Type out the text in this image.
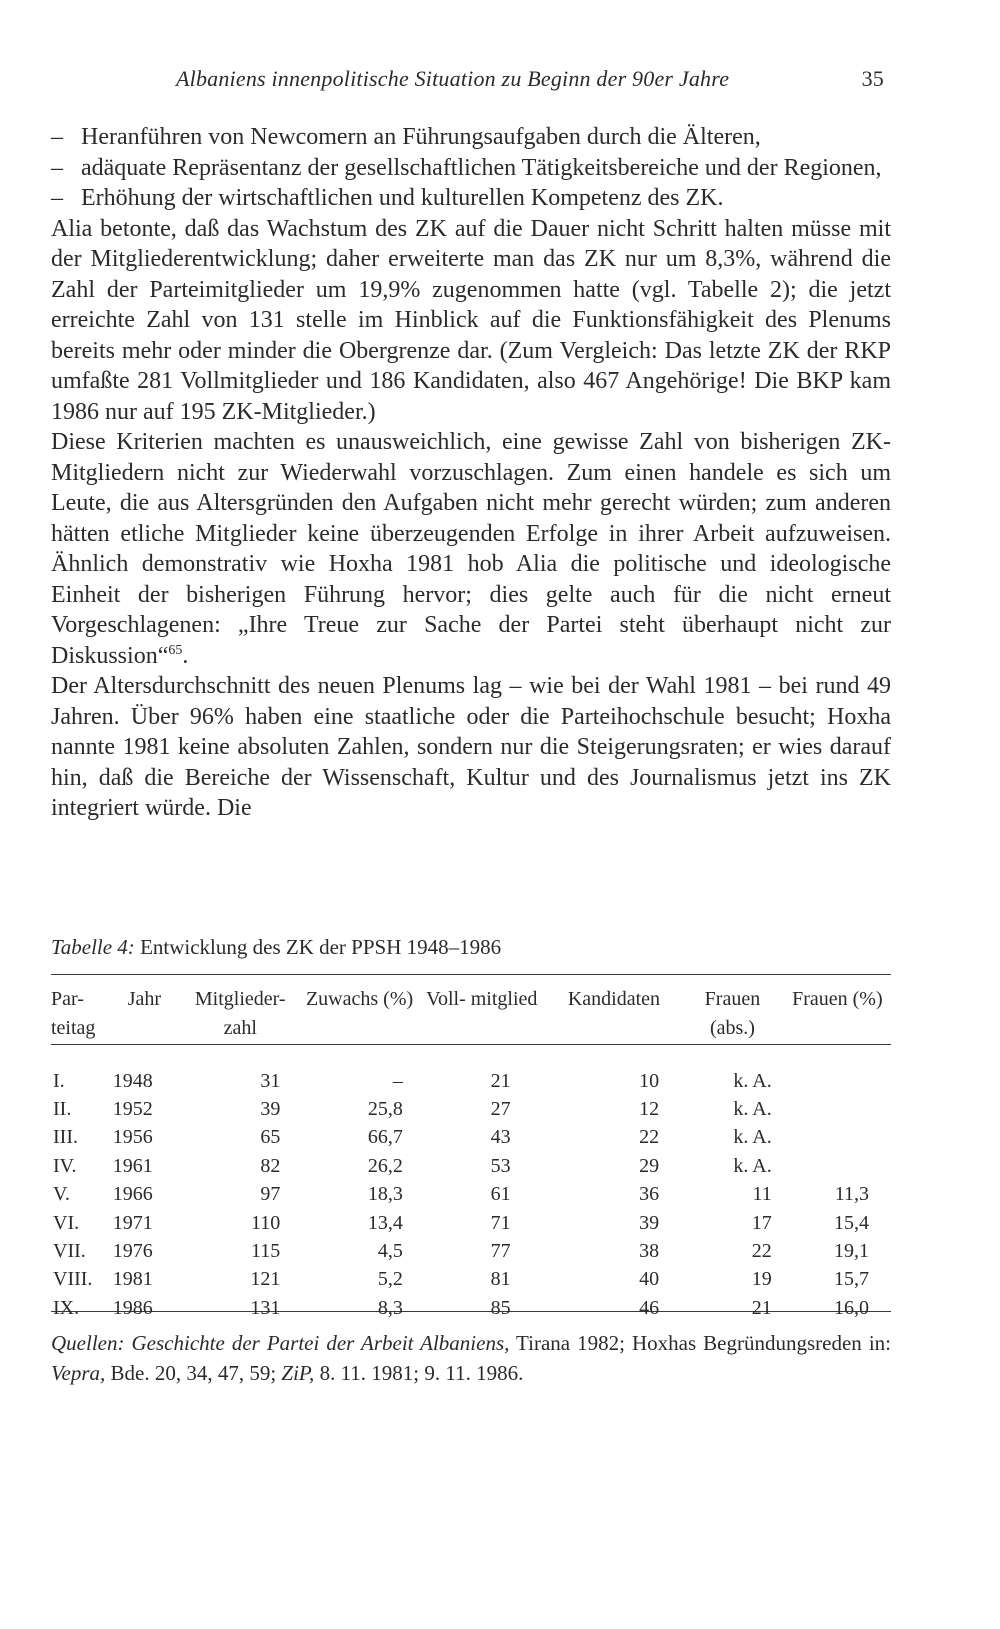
Albaniens innenpolitische Situation zu Beginn der 90er Jahre	35
– Heranführen von Newcomern an Führungsaufgaben durch die Älteren,
– adäquate Repräsentanz der gesellschaftlichen Tätigkeitsbereiche und der Regionen,
– Erhöhung der wirtschaftlichen und kulturellen Kompetenz des ZK.

Alia betonte, daß das Wachstum des ZK auf die Dauer nicht Schritt halten müsse mit der Mitgliederentwicklung; daher erweiterte man das ZK nur um 8,3%, während die Zahl der Parteimitglieder um 19,9% zugenommen hatte (vgl. Tabelle 2); die jetzt erreichte Zahl von 131 stelle im Hinblick auf die Funktionsfähigkeit des Plenums bereits mehr oder minder die Obergrenze dar. (Zum Vergleich: Das letzte ZK der RKP umfaßte 281 Vollmitglieder und 186 Kandidaten, also 467 Angehörige! Die BKP kam 1986 nur auf 195 ZK-Mitglieder.)

Diese Kriterien machten es unausweichlich, eine gewisse Zahl von bisherigen ZK-Mitgliedern nicht zur Wiederwahl vorzuschlagen. Zum einen handele es sich um Leute, die aus Altersgründen den Aufgaben nicht mehr gerecht würden; zum anderen hätten etliche Mitglieder keine überzeugenden Erfolge in ihrer Arbeit aufzuweisen. Ähnlich demonstrativ wie Hoxha 1981 hob Alia die politische und ideologische Einheit der bisherigen Führung hervor; dies gelte auch für die nicht erneut Vorgeschlagenen: „Ihre Treue zur Sache der Partei steht überhaupt nicht zur Diskussion“$^{65}$.

Der Altersdurchschnitt des neuen Plenums lag – wie bei der Wahl 1981 – bei rund 49 Jahren. Über 96% haben eine staatliche oder die Parteihochschule besucht; Hoxha nannte 1981 keine absoluten Zahlen, sondern nur die Steigerungsraten; er wies darauf hin, daß die Bereiche der Wissenschaft, Kultur und des Journalismus jetzt ins ZK integriert würde. Die

Tabelle 4: Entwicklung des ZK der PPSH 1948–1986
Par- teitag	Jahr	Mitglieder- zahl	Zuwachs (%)	Voll- mitglied	Kandidaten	Frauen (abs.)	Frauen (%)

I.	1948	31	–	21	10	k. A.	
II.	1952	39	25,8	27	12	k. A.	
III.	1956	65	66,7	43	22	k. A.	
IV.	1961	82	26,2	53	29	k. A.	
V.	1966	97	18,3	61	36	11	11,3
VI.	1971	110	13,4	71	39	17	15,4
VII.	1976	115	4,5	77	38	22	19,1
VIII.	1981	121	5,2	81	40	19	15,7
IX.	1986	131	8,3	85	46	21	16,0
Quellen: Geschichte der Partei der Arbeit Albaniens, Tirana 1982; Hoxhas Begründungsreden in: Vepra, Bde. 20, 34, 47, 59; ZiP, 8. 11. 1981; 9. 11. 1986.
